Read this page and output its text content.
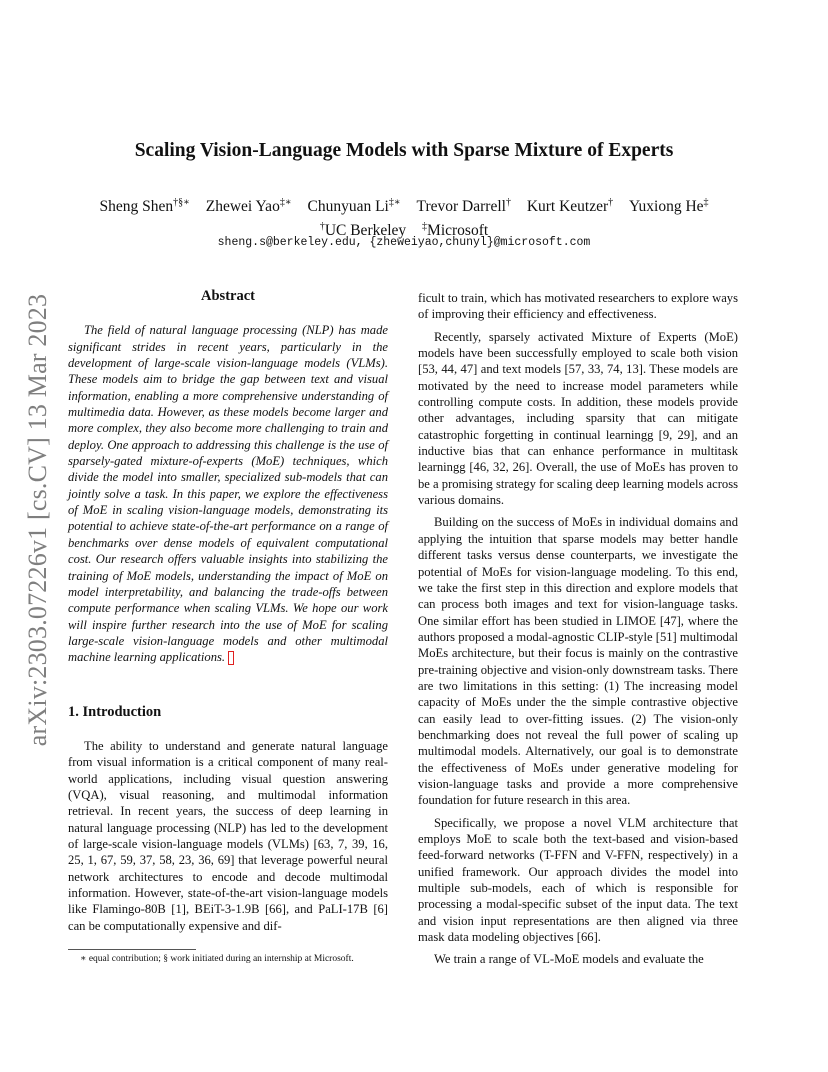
arXiv:2303.07226v1 [cs.CV] 13 Mar 2023
Scaling Vision-Language Models with Sparse Mixture of Experts
Sheng Shen†§∗ Zhewei Yao‡∗ Chunyuan Li‡∗ Trevor Darrell† Kurt Keutzer† Yuxiong He‡
†UC Berkeley ‡Microsoft
sheng.s@berkeley.edu, {zheweiyao,chunyl}@microsoft.com
Abstract

The field of natural language processing (NLP) has made significant strides in recent years, particularly in the development of large-scale vision-language models (VLMs). These models aim to bridge the gap between text and visual information, enabling a more comprehensive understanding of multimedia data. However, as these models become larger and more complex, they also become more challenging to train and deploy. One approach to addressing this challenge is the use of sparsely-gated mixture-of-experts (MoE) techniques, which divide the model into smaller, specialized sub-models that can jointly solve a task. In this paper, we explore the effectiveness of MoE in scaling vision-language models, demonstrating its potential to achieve state-of-the-art performance on a range of benchmarks over dense models of equivalent computational cost. Our research offers valuable insights into stabilizing the training of MoE models, understanding the impact of MoE on model interpretability, and balancing the trade-offs between compute performance when scaling VLMs. We hope our work will inspire further research into the use of MoE for scaling large-scale vision-language models and other multimodal machine learning applications.

1. Introduction

The ability to understand and generate natural language from visual information is a critical component of many real-world applications, including visual question answering (VQA), visual reasoning, and multimodal information retrieval. In recent years, the success of deep learning in natural language processing (NLP) has led to the development of large-scale vision-language models (VLMs) [63, 7, 39, 16, 25, 1, 67, 59, 37, 58, 23, 36, 69] that leverage powerful neural network architectures to encode and decode multimodal information. However, state-of-the-art vision-language models like Flamingo-80B [1], BEiT-3-1.9B [66], and PaLI-17B [6] can be computationally expensive and dif-

ficult to train, which has motivated researchers to explore ways of improving their efficiency and effectiveness.

Recently, sparsely activated Mixture of Experts (MoE) models have been successfully employed to scale both vision [53, 44, 47] and text models [57, 33, 74, 13]. These models are motivated by the need to increase model parameters while controlling compute costs. In addition, these models provide other advantages, including sparsity that can mitigate catastrophic forgetting in continual learningg [9, 29], and an inductive bias that can enhance performance in multitask learningg [46, 32, 26]. Overall, the use of MoEs has proven to be a promising strategy for scaling deep learning models across various domains.

Building on the success of MoEs in individual domains and applying the intuition that sparse models may better handle different tasks versus dense counterparts, we investigate the potential of MoEs for vision-language modeling. To this end, we take the first step in this direction and explore models that can process both images and text for vision-language tasks. One similar effort has been studied in LIMOE [47], where the authors proposed a modal-agnostic CLIP-style [51] multimodal MoEs architecture, but their focus is mainly on the contrastive pre-training objective and vision-only downstream tasks. There are two limitations in this setting: (1) The increasing model capacity of MoEs under the the simple contrastive objective can easily lead to over-fitting issues. (2) The vision-only benchmarking does not reveal the full power of scaling up multimodal models. Alternatively, our goal is to demonstrate the effectiveness of MoEs under generative modeling for vision-language tasks and provide a more comprehensive foundation for future research in this area.

Specifically, we propose a novel VLM architecture that employs MoE to scale both the text-based and vision-based feed-forward networks (T-FFN and V-FFN, respectively) in a unified framework. Our approach divides the model into multiple sub-models, each of which is responsible for processing a modal-specific subset of the input data. The text and vision input representations are then aligned via three mask data modeling objectives [66].

We train a range of VL-MoE models and evaluate the

∗ equal contribution; § work initiated during an internship at Microsoft.
